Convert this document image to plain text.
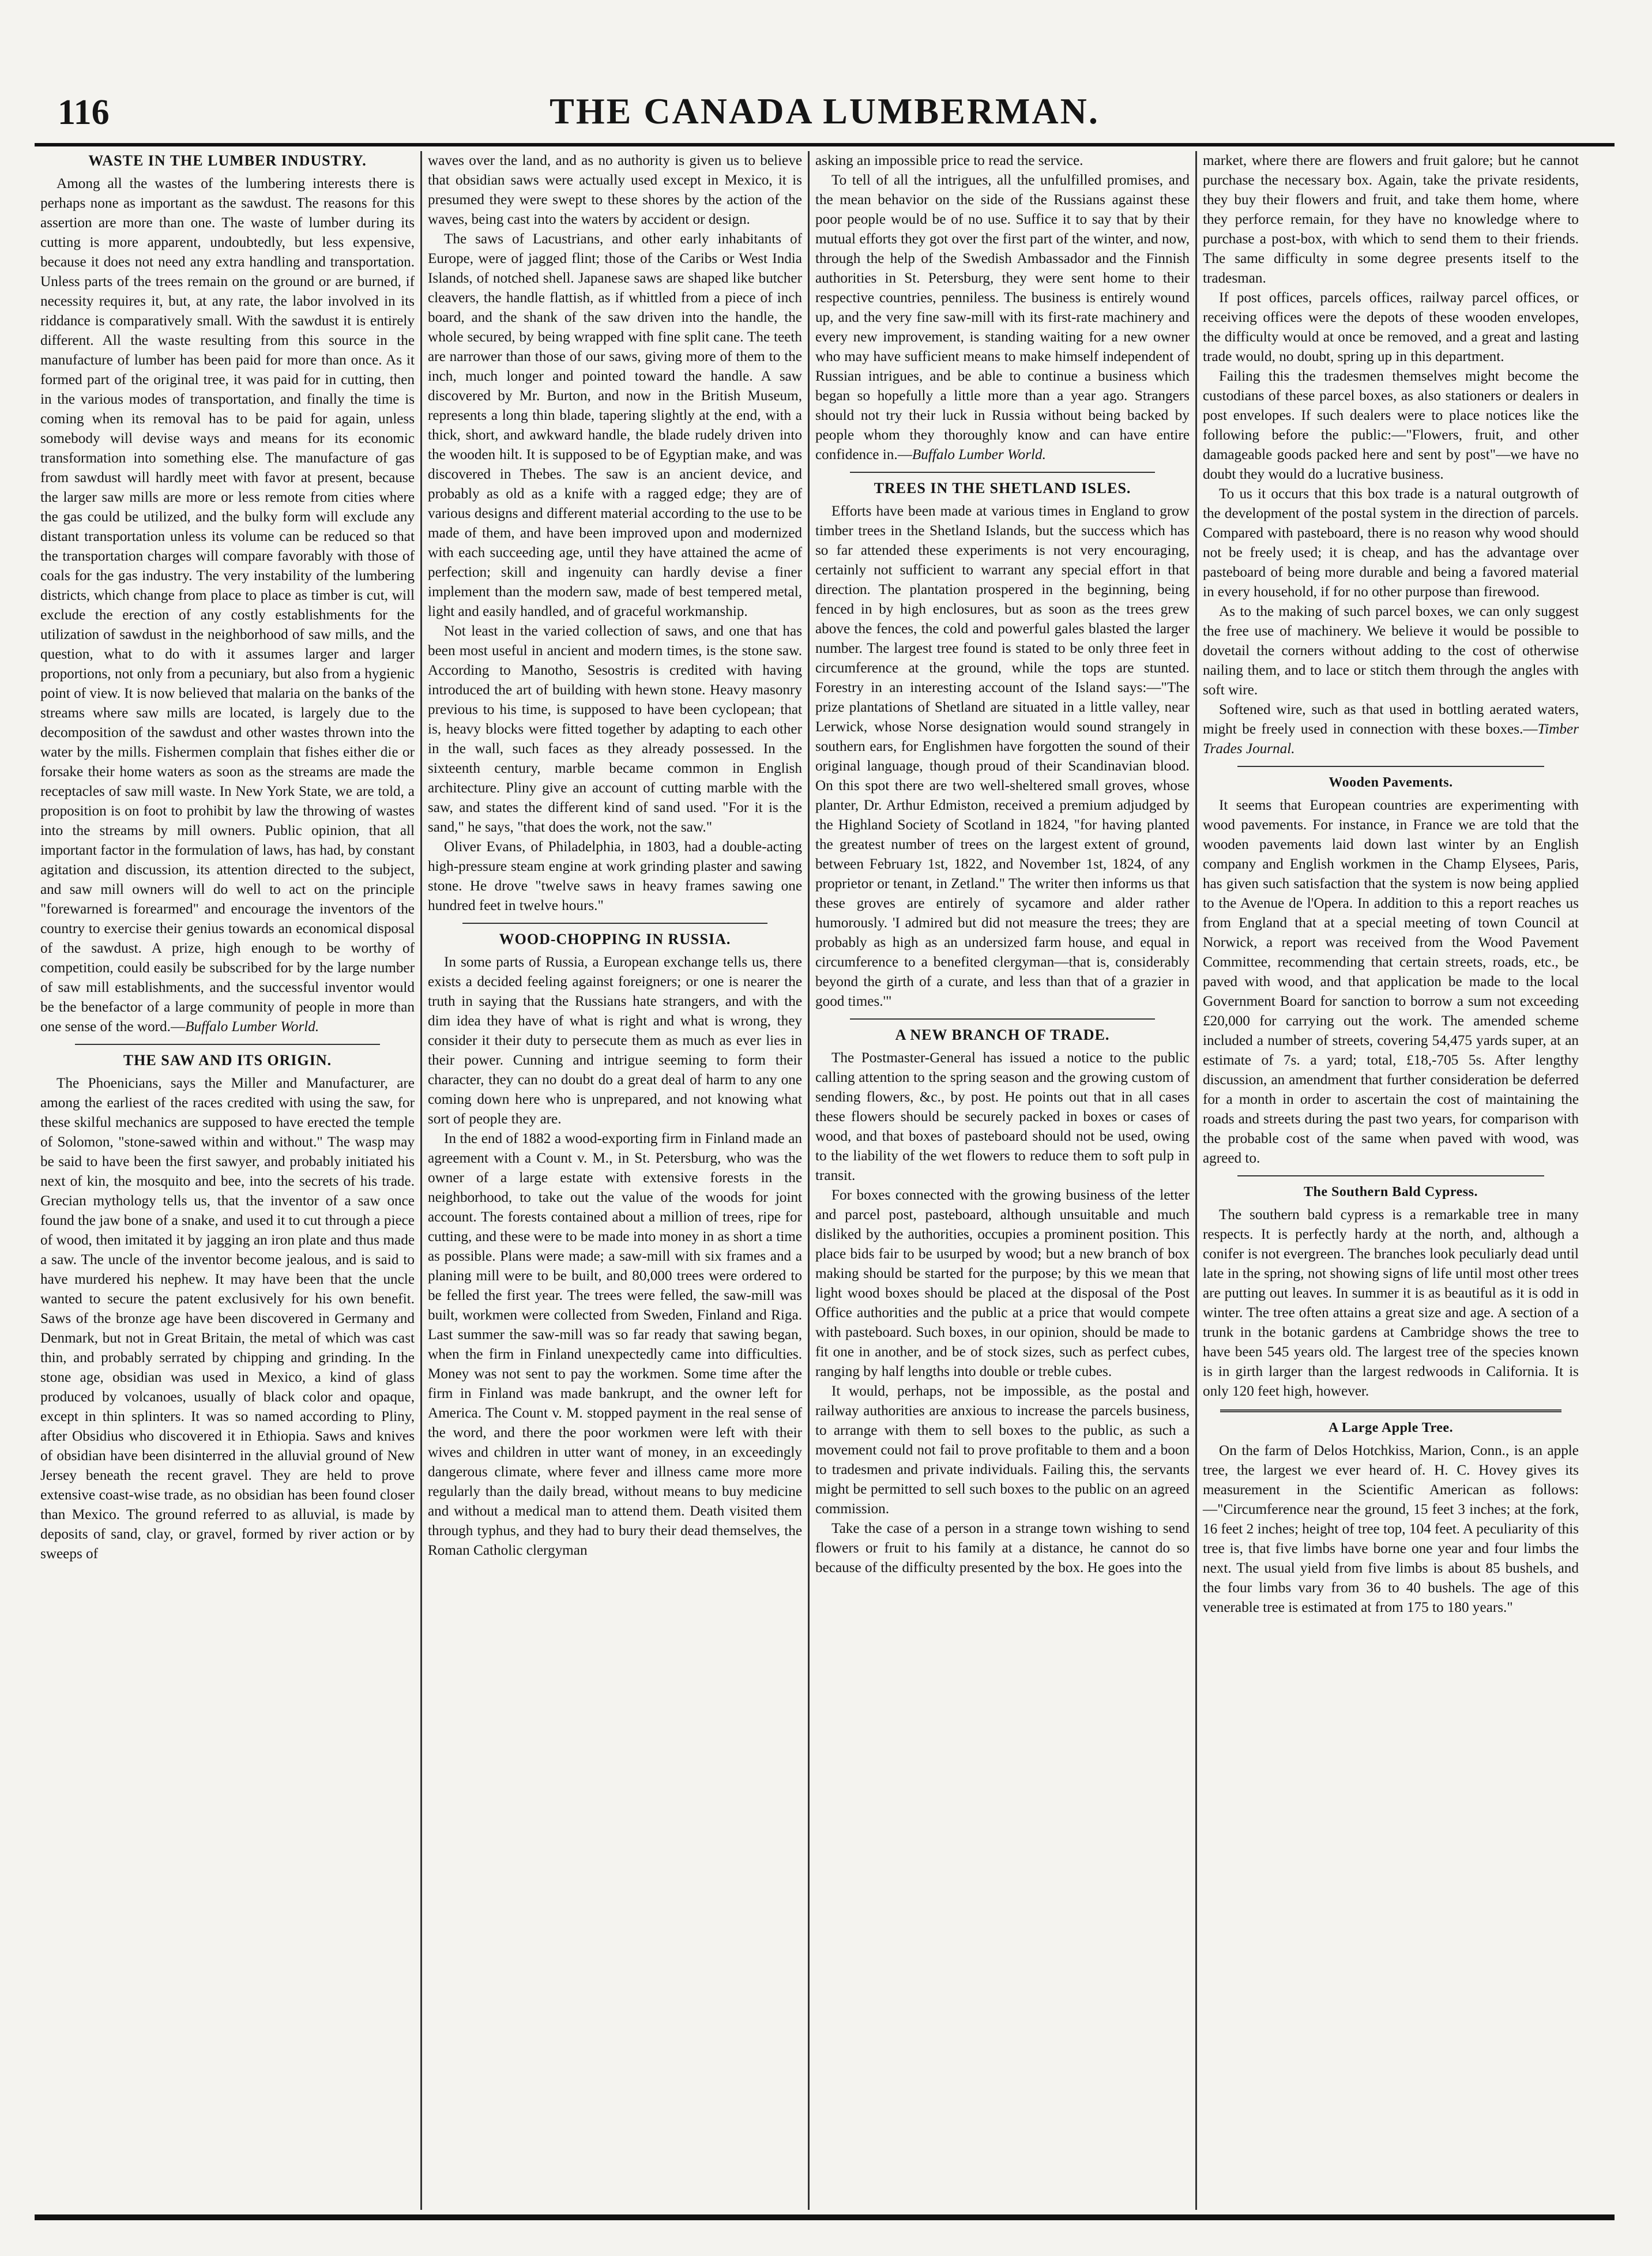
116	THE CANADA LUMBERMAN.
WASTE IN THE LUMBER INDUSTRY.

Among all the wastes of the lumbering interests there is perhaps none as important as the sawdust. The reasons for this assertion are more than one. The waste of lumber during its cutting is more apparent, undoubtedly, but less expensive, because it does not need any extra handling and transportation. Unless parts of the trees remain on the ground or are burned, if necessity requires it, but, at any rate, the labor involved in its riddance is comparatively small. With the sawdust it is entirely different. All the waste resulting from this source in the manufacture of lumber has been paid for more than once. As it formed part of the original tree, it was paid for in cutting, then in the various modes of transportation, and finally the time is coming when its removal has to be paid for again, unless somebody will devise ways and means for its economic transformation into something else. The manufacture of gas from sawdust will hardly meet with favor at present, because the larger saw mills are more or less remote from cities where the gas could be utilized, and the bulky form will exclude any distant transportation unless its volume can be reduced so that the transportation charges will compare favorably with those of coals for the gas industry. The very instability of the lumbering districts, which change from place to place as timber is cut, will exclude the erection of any costly establishments for the utilization of sawdust in the neighborhood of saw mills, and the question, what to do with it assumes larger and larger proportions, not only from a pecuniary, but also from a hygienic point of view. It is now believed that malaria on the banks of the streams where saw mills are located, is largely due to the decomposition of the sawdust and other wastes thrown into the water by the mills. Fishermen complain that fishes either die or forsake their home waters as soon as the streams are made the receptacles of saw mill waste. In New York State, we are told, a proposition is on foot to prohibit by law the throwing of wastes into the streams by mill owners. Public opinion, that all important factor in the formulation of laws, has had, by constant agitation and discussion, its attention directed to the subject, and saw mill owners will do well to act on the principle "forewarned is forearmed" and encourage the inventors of the country to exercise their genius towards an economical disposal of the sawdust. A prize, high enough to be worthy of competition, could easily be subscribed for by the large number of saw mill establishments, and the successful inventor would be the benefactor of a large community of people in more than one sense of the word.—Buffalo Lumber World.

THE SAW AND ITS ORIGIN.

The Phoenicians, says the Miller and Manufacturer, are among the earliest of the races credited with using the saw, for these skilful mechanics are supposed to have erected the temple of Solomon, "stone-sawed within and without." The wasp may be said to have been the first sawyer, and probably initiated his next of kin, the mosquito and bee, into the secrets of his trade. Grecian mythology tells us, that the inventor of a saw once found the jaw bone of a snake, and used it to cut through a piece of wood, then imitated it by jagging an iron plate and thus made a saw. The uncle of the inventor become jealous, and is said to have murdered his nephew. It may have been that the uncle wanted to secure the patent exclusively for his own benefit. Saws of the bronze age have been discovered in Germany and Denmark, but not in Great Britain, the metal of which was cast thin, and probably serrated by chipping and grinding. In the stone age, obsidian was used in Mexico, a kind of glass produced by volcanoes, usually of black color and opaque, except in thin splinters. It was so named according to Pliny, after Obsidius who discovered it in Ethiopia. Saws and knives of obsidian have been disinterred in the alluvial ground of New Jersey beneath the recent gravel. They are held to prove extensive coast-wise trade, as no obsidian has been found closer than Mexico. The ground referred to as alluvial, is made by deposits of sand, clay, or gravel, formed by river action or by sweeps of

waves over the land, and as no authority is given us to believe that obsidian saws were actually used except in Mexico, it is presumed they were swept to these shores by the action of the waves, being cast into the waters by accident or design.

The saws of Lacustrians, and other early inhabitants of Europe, were of jagged flint; those of the Caribs or West India Islands, of notched shell. Japanese saws are shaped like butcher cleavers, the handle flattish, as if whittled from a piece of inch board, and the shank of the saw driven into the handle, the whole secured, by being wrapped with fine split cane. The teeth are narrower than those of our saws, giving more of them to the inch, much longer and pointed toward the handle. A saw discovered by Mr. Burton, and now in the British Museum, represents a long thin blade, tapering slightly at the end, with a thick, short, and awkward handle, the blade rudely driven into the wooden hilt. It is supposed to be of Egyptian make, and was discovered in Thebes. The saw is an ancient device, and probably as old as a knife with a ragged edge; they are of various designs and different material according to the use to be made of them, and have been improved upon and modernized with each succeeding age, until they have attained the acme of perfection; skill and ingenuity can hardly devise a finer implement than the modern saw, made of best tempered metal, light and easily handled, and of graceful workmanship.

Not least in the varied collection of saws, and one that has been most useful in ancient and modern times, is the stone saw. According to Manotho, Sesostris is credited with having introduced the art of building with hewn stone. Heavy masonry previous to his time, is supposed to have been cyclopean; that is, heavy blocks were fitted together by adapting to each other in the wall, such faces as they already possessed. In the sixteenth century, marble became common in English architecture. Pliny give an account of cutting marble with the saw, and states the different kind of sand used. "For it is the sand," he says, "that does the work, not the saw."

Oliver Evans, of Philadelphia, in 1803, had a double-acting high-pressure steam engine at work grinding plaster and sawing stone. He drove "twelve saws in heavy frames sawing one hundred feet in twelve hours."

WOOD-CHOPPING IN RUSSIA.

In some parts of Russia, a European exchange tells us, there exists a decided feeling against foreigners; or one is nearer the truth in saying that the Russians hate strangers, and with the dim idea they have of what is right and what is wrong, they consider it their duty to persecute them as much as ever lies in their power. Cunning and intrigue seeming to form their character, they can no doubt do a great deal of harm to any one coming down here who is unprepared, and not knowing what sort of people they are.

In the end of 1882 a wood-exporting firm in Finland made an agreement with a Count v. M., in St. Petersburg, who was the owner of a large estate with extensive forests in the neighborhood, to take out the value of the woods for joint account. The forests contained about a million of trees, ripe for cutting, and these were to be made into money in as short a time as possible. Plans were made; a saw-mill with six frames and a planing mill were to be built, and 80,000 trees were ordered to be felled the first year. The trees were felled, the saw-mill was built, workmen were collected from Sweden, Finland and Riga. Last summer the saw-mill was so far ready that sawing began, when the firm in Finland unexpectedly came into difficulties. Money was not sent to pay the workmen. Some time after the firm in Finland was made bankrupt, and the owner left for America. The Count v. M. stopped payment in the real sense of the word, and there the poor workmen were left with their wives and children in utter want of money, in an exceedingly dangerous climate, where fever and illness came more more regularly than the daily bread, without means to buy medicine and without a medical man to attend them. Death visited them through typhus, and they had to bury their dead themselves, the Roman Catholic clergyman

asking an impossible price to read the service.

To tell of all the intrigues, all the unfulfilled promises, and the mean behavior on the side of the Russians against these poor people would be of no use. Suffice it to say that by their mutual efforts they got over the first part of the winter, and now, through the help of the Swedish Ambassador and the Finnish authorities in St. Petersburg, they were sent home to their respective countries, penniless. The business is entirely wound up, and the very fine saw-mill with its first-rate machinery and every new improvement, is standing waiting for a new owner who may have sufficient means to make himself independent of Russian intrigues, and be able to continue a business which began so hopefully a little more than a year ago. Strangers should not try their luck in Russia without being backed by people whom they thoroughly know and can have entire confidence in.—Buffalo Lumber World.

TREES IN THE SHETLAND ISLES.

Efforts have been made at various times in England to grow timber trees in the Shetland Islands, but the success which has so far attended these experiments is not very encouraging, certainly not sufficient to warrant any special effort in that direction. The plantation prospered in the beginning, being fenced in by high enclosures, but as soon as the trees grew above the fences, the cold and powerful gales blasted the larger number. The largest tree found is stated to be only three feet in circumference at the ground, while the tops are stunted. Forestry in an interesting account of the Island says:—"The prize plantations of Shetland are situated in a little valley, near Lerwick, whose Norse designation would sound strangely in southern ears, for Englishmen have forgotten the sound of their original language, though proud of their Scandinavian blood. On this spot there are two well-sheltered small groves, whose planter, Dr. Arthur Edmiston, received a premium adjudged by the Highland Society of Scotland in 1824, "for having planted the greatest number of trees on the largest extent of ground, between February 1st, 1822, and November 1st, 1824, of any proprietor or tenant, in Zetland." The writer then informs us that these groves are entirely of sycamore and alder rather humorously. 'I admired but did not measure the trees; they are probably as high as an undersized farm house, and equal in circumference to a benefited clergyman—that is, considerably beyond the girth of a curate, and less than that of a grazier in good times.'"

A NEW BRANCH OF TRADE.

The Postmaster-General has issued a notice to the public calling attention to the spring season and the growing custom of sending flowers, &c., by post. He points out that in all cases these flowers should be securely packed in boxes or cases of wood, and that boxes of pasteboard should not be used, owing to the liability of the wet flowers to reduce them to soft pulp in transit.

For boxes connected with the growing business of the letter and parcel post, pasteboard, although unsuitable and much disliked by the authorities, occupies a prominent position. This place bids fair to be usurped by wood; but a new branch of box making should be started for the purpose; by this we mean that light wood boxes should be placed at the disposal of the Post Office authorities and the public at a price that would compete with pasteboard. Such boxes, in our opinion, should be made to fit one in another, and be of stock sizes, such as perfect cubes, ranging by half lengths into double or treble cubes.

It would, perhaps, not be impossible, as the postal and railway authorities are anxious to increase the parcels business, to arrange with them to sell boxes to the public, as such a movement could not fail to prove profitable to them and a boon to tradesmen and private individuals. Failing this, the servants might be permitted to sell such boxes to the public on an agreed commission.

Take the case of a person in a strange town wishing to send flowers or fruit to his family at a distance, he cannot do so because of the difficulty presented by the box. He goes into the

market, where there are flowers and fruit galore; but he cannot purchase the necessary box. Again, take the private residents, they buy their flowers and fruit, and take them home, where they perforce remain, for they have no knowledge where to purchase a post-box, with which to send them to their friends. The same difficulty in some degree presents itself to the tradesman.

If post offices, parcels offices, railway parcel offices, or receiving offices were the depots of these wooden envelopes, the difficulty would at once be removed, and a great and lasting trade would, no doubt, spring up in this department.

Failing this the tradesmen themselves might become the custodians of these parcel boxes, as also stationers or dealers in post envelopes. If such dealers were to place notices like the following before the public:—"Flowers, fruit, and other damageable goods packed here and sent by post"—we have no doubt they would do a lucrative business.

To us it occurs that this box trade is a natural outgrowth of the development of the postal system in the direction of parcels. Compared with pasteboard, there is no reason why wood should not be freely used; it is cheap, and has the advantage over pasteboard of being more durable and being a favored material in every household, if for no other purpose than firewood.

As to the making of such parcel boxes, we can only suggest the free use of machinery. We believe it would be possible to dovetail the corners without adding to the cost of otherwise nailing them, and to lace or stitch them through the angles with soft wire.

Softened wire, such as that used in bottling aerated waters, might be freely used in connection with these boxes.—Timber Trades Journal.

Wooden Pavements.

It seems that European countries are experimenting with wood pavements. For instance, in France we are told that the wooden pavements laid down last winter by an English company and English workmen in the Champ Elysees, Paris, has given such satisfaction that the system is now being applied to the Avenue de l'Opera. In addition to this a report reaches us from England that at a special meeting of town Council at Norwick, a report was received from the Wood Pavement Committee, recommending that certain streets, roads, etc., be paved with wood, and that application be made to the local Government Board for sanction to borrow a sum not exceeding £20,000 for carrying out the work. The amended scheme included a number of streets, covering 54,475 yards super, at an estimate of 7s. a yard; total, £18,-705 5s. After lengthy discussion, an amendment that further consideration be deferred for a month in order to ascertain the cost of maintaining the roads and streets during the past two years, for comparison with the probable cost of the same when paved with wood, was agreed to.

The Southern Bald Cypress.

The southern bald cypress is a remarkable tree in many respects. It is perfectly hardy at the north, and, although a conifer is not evergreen. The branches look peculiarly dead until late in the spring, not showing signs of life until most other trees are putting out leaves. In summer it is as beautiful as it is odd in winter. The tree often attains a great size and age. A section of a trunk in the botanic gardens at Cambridge shows the tree to have been 545 years old. The largest tree of the species known is in girth larger than the largest redwoods in California. It is only 120 feet high, however.

A Large Apple Tree.

On the farm of Delos Hotchkiss, Marion, Conn., is an apple tree, the largest we ever heard of. H. C. Hovey gives its measurement in the Scientific American as follows:—"Circumference near the ground, 15 feet 3 inches; at the fork, 16 feet 2 inches; height of tree top, 104 feet. A peculiarity of this tree is, that five limbs have borne one year and four limbs the next. The usual yield from five limbs is about 85 bushels, and the four limbs vary from 36 to 40 bushels. The age of this venerable tree is estimated at from 175 to 180 years."
